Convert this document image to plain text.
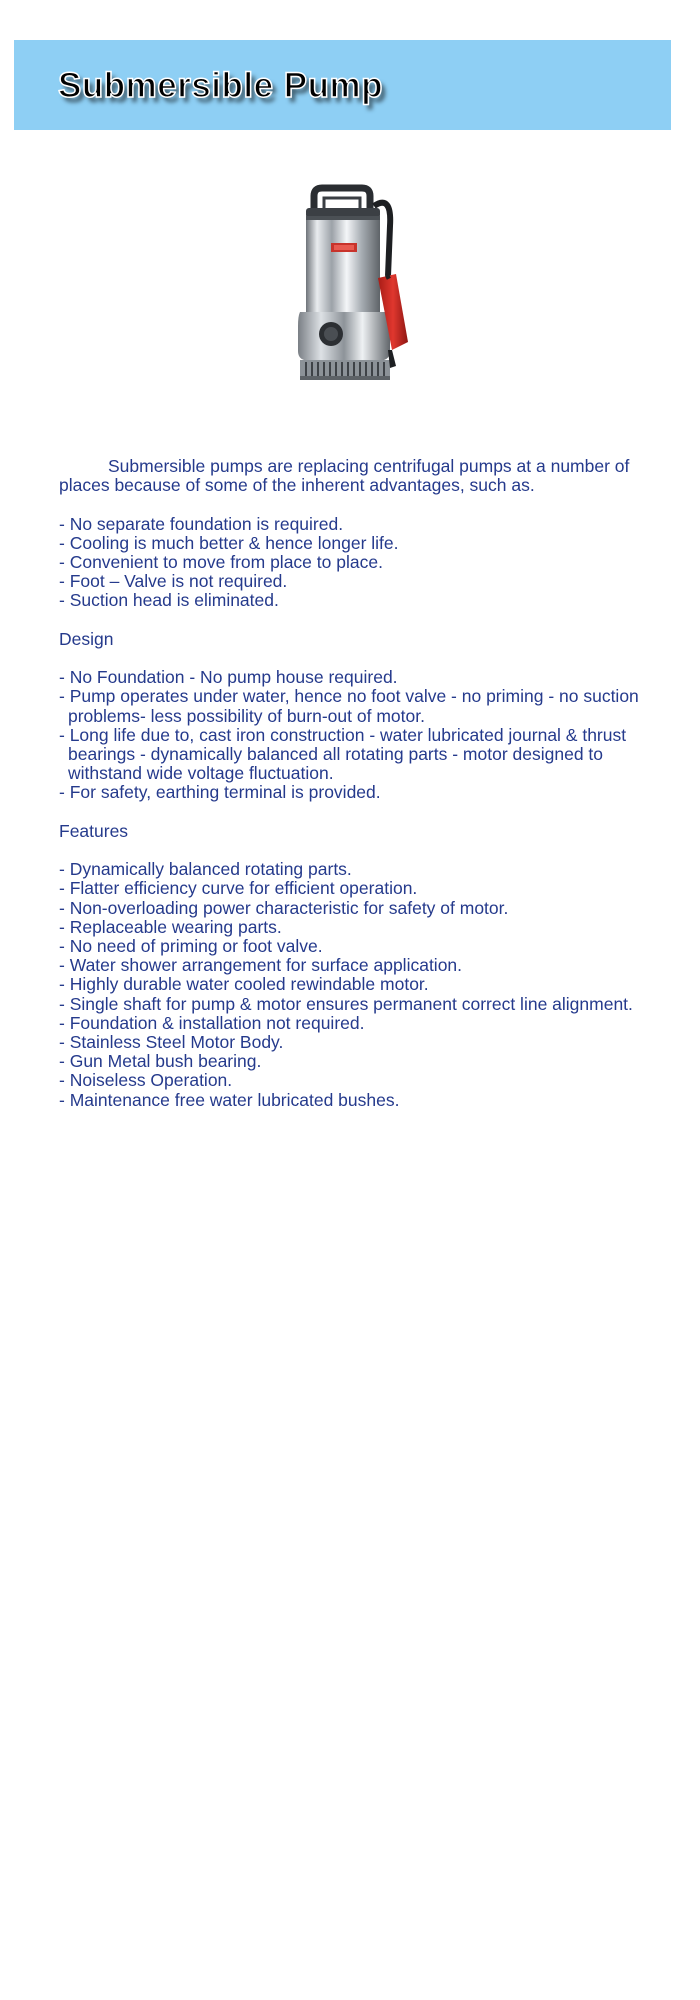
Submersible Pump

Submersible pumps are replacing centrifugal pumps at a number of places because of some of the inherent advantages, such as.

- No separate foundation is required.
- Cooling is much better & hence longer life.
- Convenient to move from place to place.
- Foot – Valve is not required.
- Suction head is eliminated.
Design
- No Foundation - No pump house required.
- Pump operates under water, hence no foot valve - no priming - no suction problems- less possibility of burn-out of motor.
- Long life due to, cast iron construction - water lubricated journal & thrust bearings - dynamically balanced all rotating parts - motor designed to withstand wide voltage fluctuation.
- For safety, earthing terminal is provided.
Features
- Dynamically balanced rotating parts.
- Flatter efficiency curve for efficient operation.
- Non-overloading power characteristic for safety of motor.
- Replaceable wearing parts.
- No need of priming or foot valve.
- Water shower arrangement for surface application.
- Highly durable water cooled rewindable motor.
- Single shaft for pump & motor ensures permanent correct line alignment.
- Foundation & installation not required.
- Stainless Steel Motor Body.
- Gun Metal bush bearing.
- Noiseless Operation.
- Maintenance free water lubricated bushes.
